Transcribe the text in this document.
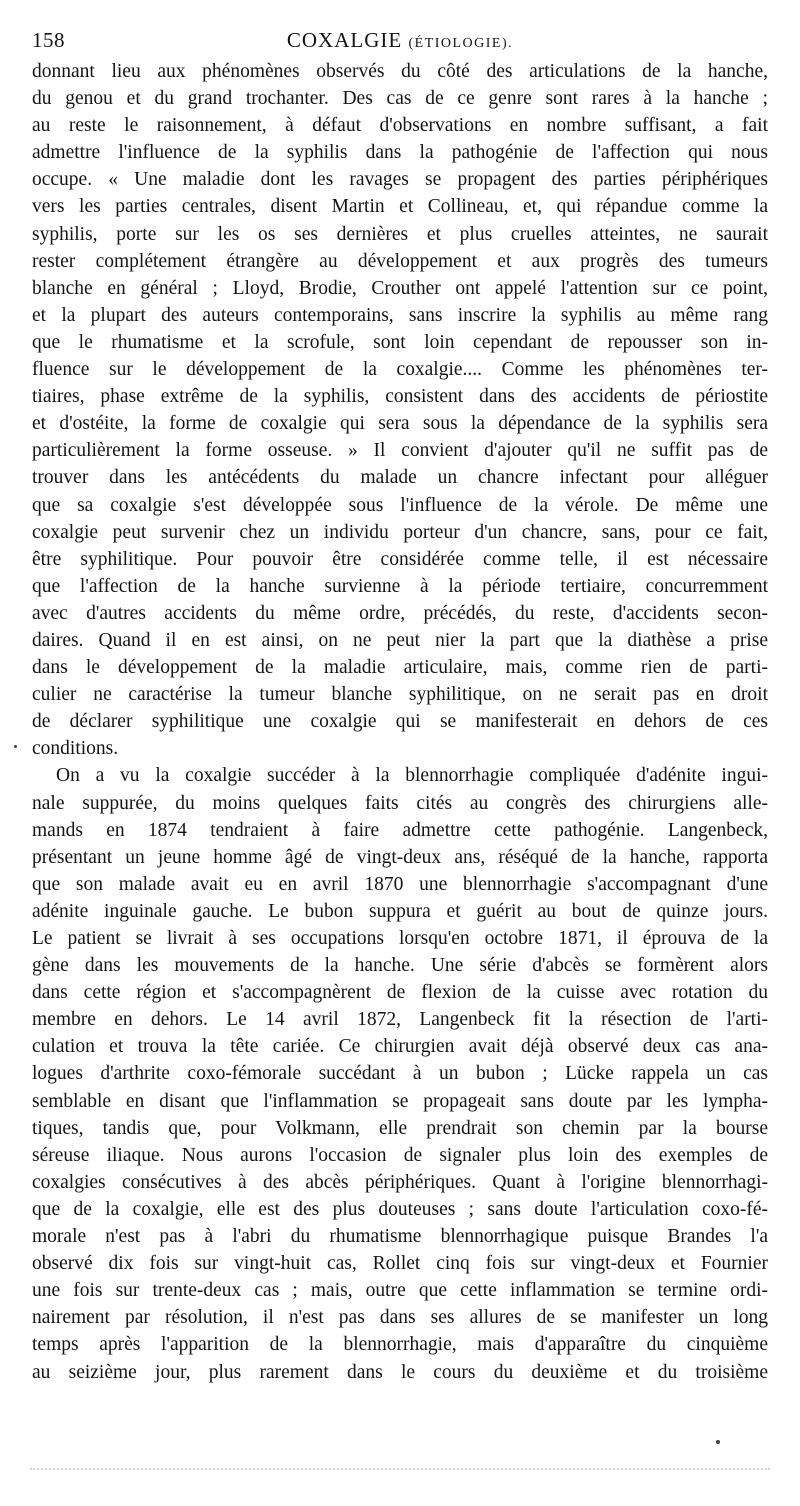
158	COXALGIE (ÉTIOLOGIE).
donnant lieu aux phénomènes observés du côté des articulations de la hanche,
du genou et du grand trochanter. Des cas de ce genre sont rares à la hanche ;
au reste le raisonnement, à défaut d'observations en nombre suffisant, a fait
admettre l'influence de la syphilis dans la pathogénie de l'affection qui nous
occupe. « Une maladie dont les ravages se propagent des parties périphériques
vers les parties centrales, disent Martin et Collineau, et, qui répandue comme la
syphilis, porte sur les os ses dernières et plus cruelles atteintes, ne saurait
rester complétement étrangère au développement et aux progrès des tumeurs
blanche en général ; Lloyd, Brodie, Crouther ont appelé l'attention sur ce point,
et la plupart des auteurs contemporains, sans inscrire la syphilis au même rang
que le rhumatisme et la scrofule, sont loin cependant de repousser son in-
fluence sur le développement de la coxalgie.... Comme les phénomènes ter-
tiaires, phase extrême de la syphilis, consistent dans des accidents de périostite
et d'ostéite, la forme de coxalgie qui sera sous la dépendance de la syphilis sera
particulièrement la forme osseuse. » Il convient d'ajouter qu'il ne suffit pas de
trouver dans les antécédents du malade un chancre infectant pour alléguer
que sa coxalgie s'est développée sous l'influence de la vérole. De même une
coxalgie peut survenir chez un individu porteur d'un chancre, sans, pour ce fait,
être syphilitique. Pour pouvoir être considérée comme telle, il est nécessaire
que l'affection de la hanche survienne à la période tertiaire, concurremment
avec d'autres accidents du même ordre, précédés, du reste, d'accidents secon-
daires. Quand il en est ainsi, on ne peut nier la part que la diathèse a prise
dans le développement de la maladie articulaire, mais, comme rien de parti-
culier ne caractérise la tumeur blanche syphilitique, on ne serait pas en droit
de déclarer syphilitique une coxalgie qui se manifesterait en dehors de ces
conditions.
On a vu la coxalgie succéder à la blennorrhagie compliquée d'adénite ingui-
nale suppurée, du moins quelques faits cités au congrès des chirurgiens alle-
mands en 1874 tendraient à faire admettre cette pathogénie. Langenbeck,
présentant un jeune homme âgé de vingt-deux ans, réséqué de la hanche, rapporta
que son malade avait eu en avril 1870 une blennorrhagie s'accompagnant d'une
adénite inguinale gauche. Le bubon suppura et guérit au bout de quinze jours.
Le patient se livrait à ses occupations lorsqu'en octobre 1871, il éprouva de la
gène dans les mouvements de la hanche. Une série d'abcès se formèrent alors
dans cette région et s'accompagnèrent de flexion de la cuisse avec rotation du
membre en dehors. Le 14 avril 1872, Langenbeck fit la résection de l'arti-
culation et trouva la tête cariée. Ce chirurgien avait déjà observé deux cas ana-
logues d'arthrite coxo-fémorale succédant à un bubon ; Lücke rappela un cas
semblable en disant que l'inflammation se propageait sans doute par les lympha-
tiques, tandis que, pour Volkmann, elle prendrait son chemin par la bourse
séreuse iliaque. Nous aurons l'occasion de signaler plus loin des exemples de
coxalgies consécutives à des abcès périphériques. Quant à l'origine blennorrhagi-
que de la coxalgie, elle est des plus douteuses ; sans doute l'articulation coxo-fé-
morale n'est pas à l'abri du rhumatisme blennorrhagique puisque Brandes l'a
observé dix fois sur vingt-huit cas, Rollet cinq fois sur vingt-deux et Fournier
une fois sur trente-deux cas ; mais, outre que cette inflammation se termine ordi-
nairement par résolution, il n'est pas dans ses allures de se manifester un long
temps après l'apparition de la blennorrhagie, mais d'apparaître du cinquième
au seizième jour, plus rarement dans le cours du deuxième et du troisième
